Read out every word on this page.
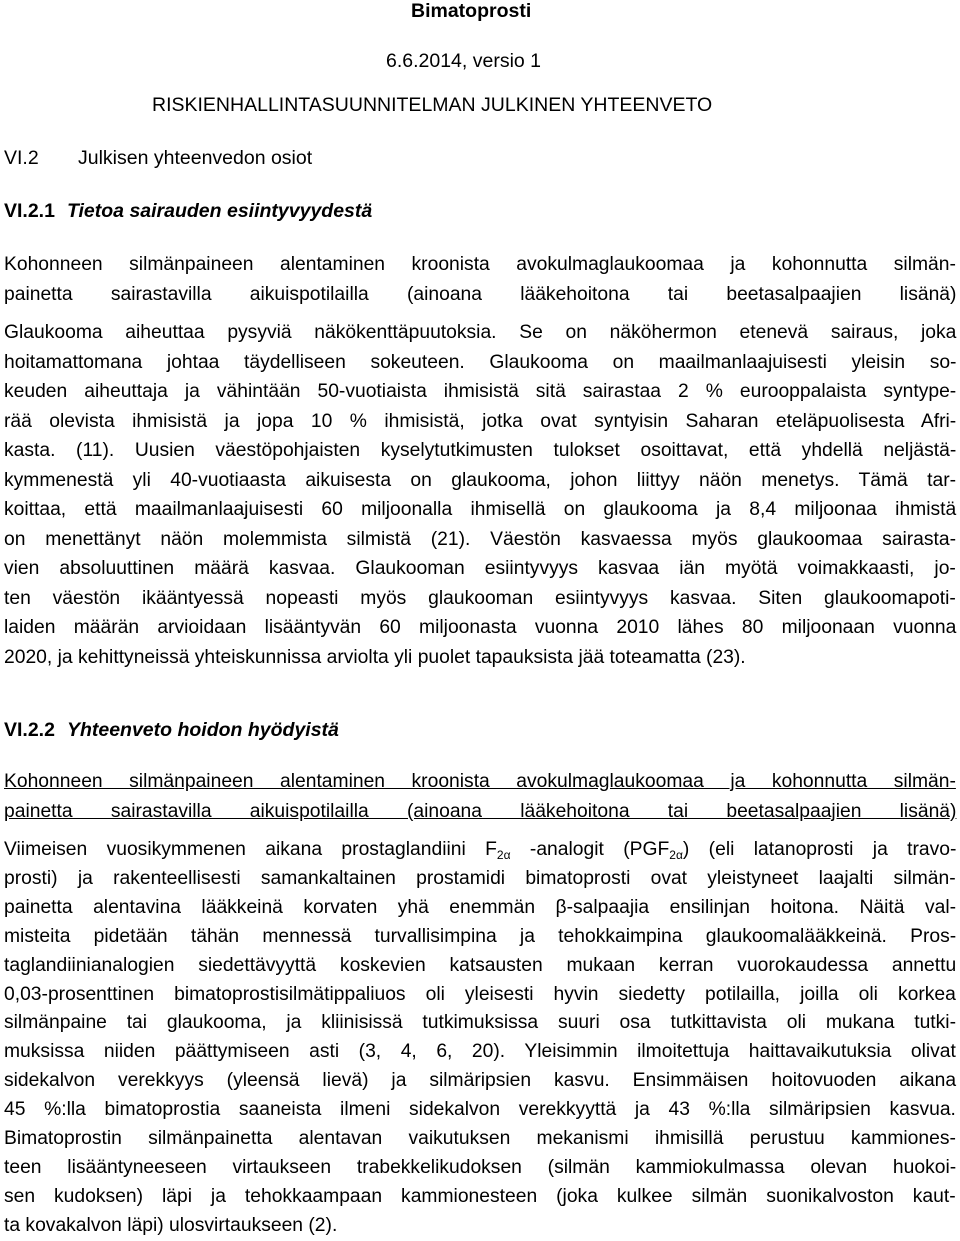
Bimatoprosti
6.6.2014, versio 1
RISKIENHALLINTASUUNNITELMAN JULKINEN YHTEENVETO
VI.2 Julkisen yhteenvedon osiot
VI.2.1 Tietoa sairauden esiintyvyydestä
Kohonneen silmänpaineen alentaminen kroonista avokulmaglaukoomaa ja kohonnutta silmän-
painetta sairastavilla aikuispotilailla (ainoana lääkehoitona tai beetasalpaajien lisänä)
Glaukooma aiheuttaa pysyviä näkökenttäpuutoksia. Se on näköhermon etenevä sairaus, joka
hoitamattomana johtaa täydelliseen sokeuteen. Glaukooma on maailmanlaajuisesti yleisin so-
keuden aiheuttaja ja vähintään 50-vuotiaista ihmisistä sitä sairastaa 2 % eurooppalaista syntype-
rää olevista ihmisistä ja jopa 10 % ihmisistä, jotka ovat syntyisin Saharan eteläpuolisesta Afri-
kasta. (11). Uusien väestöpohjaisten kyselytutkimusten tulokset osoittavat, että yhdellä neljästä-
kymmenestä yli 40-vuotiaasta aikuisesta on glaukooma, johon liittyy näön menetys. Tämä tar-
koittaa, että maailmanlaajuisesti 60 miljoonalla ihmisellä on glaukooma ja 8,4 miljoonaa ihmistä
on menettänyt näön molemmista silmistä (21). Väestön kasvaessa myös glaukoomaa sairasta-
vien absoluuttinen määrä kasvaa. Glaukooman esiintyvyys kasvaa iän myötä voimakkaasti, jo-
ten väestön ikääntyessä nopeasti myös glaukooman esiintyvyys kasvaa. Siten glaukoomapoti-
laiden määrän arvioidaan lisääntyvän 60 miljoonasta vuonna 2010 lähes 80 miljoonaan vuonna
2020, ja kehittyneissä yhteiskunnissa arviolta yli puolet tapauksista jää toteamatta (23).
VI.2.2 Yhteenveto hoidon hyödyistä
Kohonneen silmänpaineen alentaminen kroonista avokulmaglaukoomaa ja kohonnutta silmän-
painetta sairastavilla aikuispotilailla (ainoana lääkehoitona tai beetasalpaajien lisänä)
Viimeisen vuosikymmenen aikana prostaglandiini $F_{2\alpha}$ -analogit $(PGF_{2\alpha})$ (eli latanoprosti ja travo-
prosti) ja rakenteellisesti samankaltainen prostamidi bimatoprosti ovat yleistyneet laajalti silmän-
painetta alentavina lääkkeinä korvaten yhä enemmän β-salpaajia ensilinjan hoitona. Näitä val-
misteita pidetään tähän mennessä turvallisimpina ja tehokkaimpina glaukoomalääkkeinä. Pros-
taglandiinianalogien siedettävyyttä koskevien katsausten mukaan kerran vuorokaudessa annettu
0,03-prosenttinen bimatoprostisilmätippaliuos oli yleisesti hyvin siedetty potilailla, joilla oli korkea
silmänpaine tai glaukooma, ja kliinisissä tutkimuksissa suuri osa tutkittavista oli mukana tutki-
muksissa niiden päättymiseen asti (3, 4, 6, 20). Yleisimmin ilmoitettuja haittavaikutuksia olivat
sidekalvon verekkyys (yleensä lievä) ja silmäripsien kasvu. Ensimmäisen hoitovuoden aikana
45 %:lla bimatoprostia saaneista ilmeni sidekalvon verekkyyttä ja 43 %:lla silmäripsien kasvua.
Bimatoprostin silmänpainetta alentavan vaikutuksen mekanismi ihmisillä perustuu kammiones-
teen lisääntyneeseen virtaukseen trabekkelikudoksen (silmän kammiokulmassa olevan huokoi-
sen kudoksen) läpi ja tehokkaampaan kammionesteen (joka kulkee silmän suonikalvoston kaut-
ta kovakalvon läpi) ulosvirtaukseen (2).
